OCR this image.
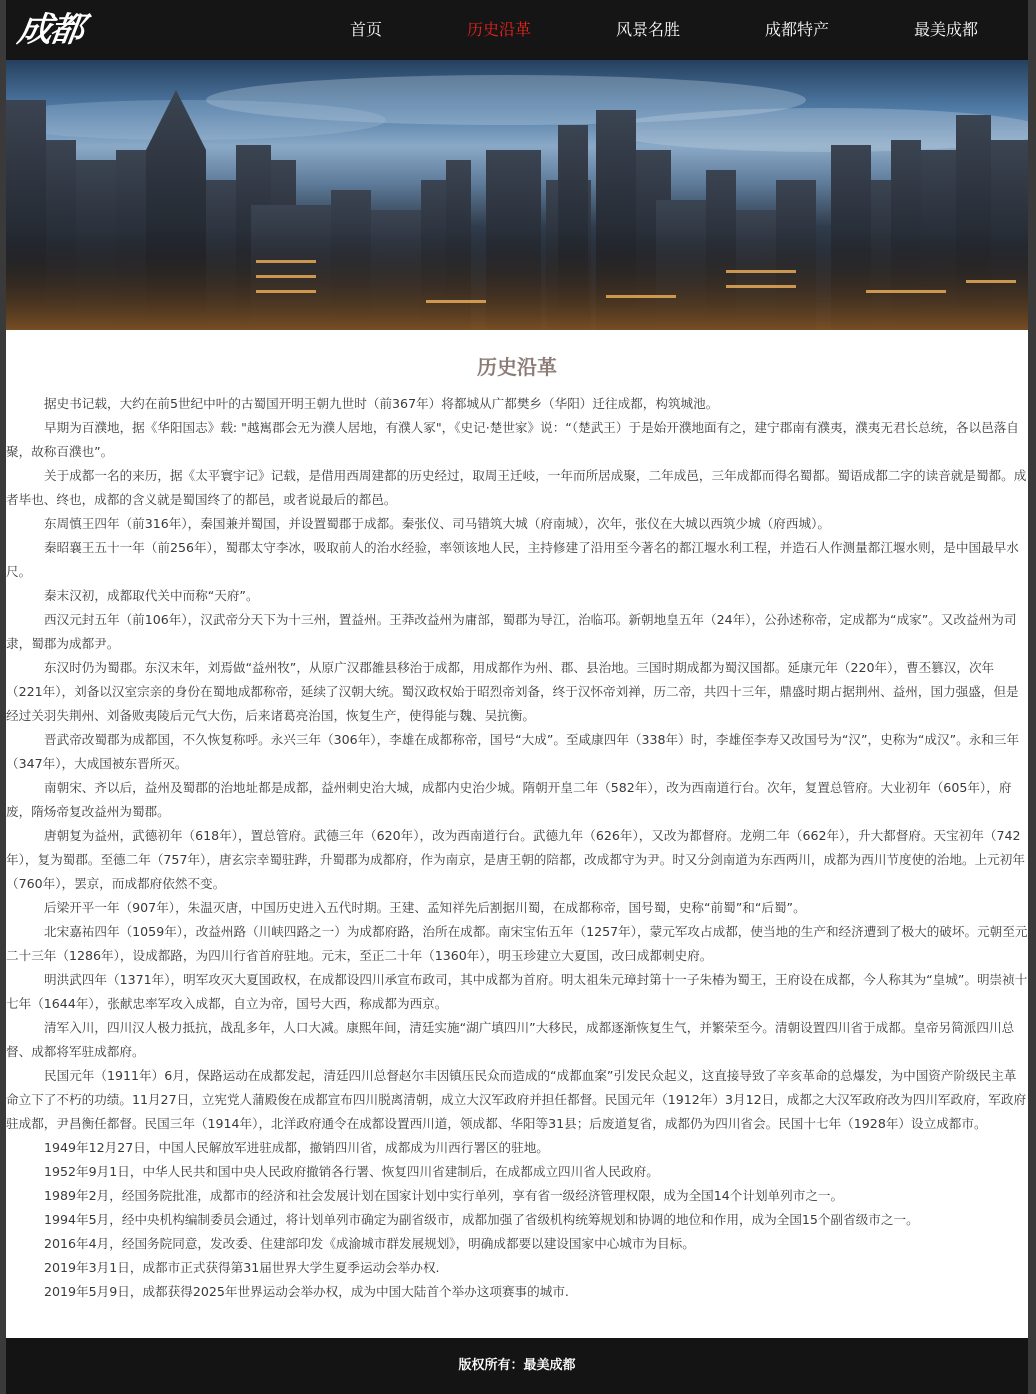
成都	首页	历史沿革	风景名胜	成都特产	最美成都
历史沿革

据史书记载，大约在前5世纪中叶的古蜀国开明王朝九世时（前367年）将都城从广都樊乡（华阳）迁往成都，构筑城池。

早期为百濮地，据《华阳国志》载: "越嶲郡会无为濮人居地，有濮人冢"，《史记·楚世家》说：“（楚武王）于是始开濮地面有之，建宁郡南有濮夷，濮夷无君长总统，各以邑落自聚，故称百濮也”。

关于成都一名的来历，据《太平寰宇记》记载，是借用西周建都的历史经过，取周王迁岐，一年而所居成聚，二年成邑，三年成都而得名蜀都。蜀语成都二字的读音就是蜀都。成者毕也、终也，成都的含义就是蜀国终了的都邑，或者说最后的都邑。

东周慎王四年（前316年），秦国兼并蜀国，并设置蜀郡于成都。秦张仪、司马错筑大城（府南城），次年，张仪在大城以西筑少城（府西城）。

秦昭襄王五十一年（前256年），蜀郡太守李冰，吸取前人的治水经验，率领该地人民，主持修建了沿用至今著名的都江堰水利工程，并造石人作测量都江堰水则，是中国最早水尺。

秦末汉初，成都取代关中而称“天府”。

西汉元封五年（前106年），汉武帝分天下为十三州，置益州。王莽改益州为庸部，蜀郡为导江，治临邛。新朝地皇五年（24年），公孙述称帝，定成都为“成家”。又改益州为司隶，蜀郡为成都尹。

东汉时仍为蜀郡。东汉末年，刘焉做“益州牧”，从原广汉郡雒县移治于成都，用成都作为州、郡、县治地。三国时期成都为蜀汉国都。延康元年（220年），曹丕篡汉，次年（221年），刘备以汉室宗亲的身份在蜀地成都称帝，延续了汉朝大统。蜀汉政权始于昭烈帝刘备，终于汉怀帝刘禅，历二帝，共四十三年，鼎盛时期占据荆州、益州，国力强盛，但是经过关羽失荆州、刘备败夷陵后元气大伤，后来诸葛亮治国，恢复生产，使得能与魏、吴抗衡。

晋武帝改蜀郡为成都国，不久恢复称呼。永兴三年（306年），李雄在成都称帝，国号“大成”。至咸康四年（338年）时，李雄侄李寿又改国号为“汉”，史称为“成汉”。永和三年（347年），大成国被东晋所灭。

南朝宋、齐以后，益州及蜀郡的治地址都是成都，益州刺史治大城，成都内史治少城。隋朝开皇二年（582年），改为西南道行台。次年，复置总管府。大业初年（605年），府废，隋炀帝复改益州为蜀郡。

唐朝复为益州，武德初年（618年），置总管府。武德三年（620年），改为西南道行台。武德九年（626年），又改为都督府。龙朔二年（662年），升大都督府。天宝初年（742年），复为蜀郡。至德二年（757年），唐玄宗幸蜀驻跸，升蜀郡为成都府，作为南京，是唐王朝的陪都，改成都守为尹。时又分剑南道为东西两川，成都为西川节度使的治地。上元初年（760年），罢京，而成都府依然不变。

后梁开平一年（907年），朱温灭唐，中国历史进入五代时期。王建、孟知祥先后割据川蜀，在成都称帝，国号蜀，史称“前蜀”和“后蜀”。

北宋嘉祐四年（1059年），改益州路（川峡四路之一）为成都府路，治所在成都。南宋宝佑五年（1257年），蒙元军攻占成都，使当地的生产和经济遭到了极大的破坏。元朝至元二十三年（1286年），设成都路，为四川行省首府驻地。元末，至正二十年（1360年），明玉珍建立大夏国，改曰成都刺史府。

明洪武四年（1371年），明军攻灭大夏国政权，在成都设四川承宣布政司，其中成都为首府。明太祖朱元璋封第十一子朱椿为蜀王，王府设在成都，今人称其为“皇城”。明崇祯十七年（1644年），张献忠率军攻入成都，自立为帝，国号大西，称成都为西京。

清军入川，四川汉人极力抵抗，战乱多年，人口大减。康熙年间，清廷实施“湖广填四川”大移民，成都逐渐恢复生气，并繁荣至今。清朝设置四川省于成都。皇帝另简派四川总督、成都将军驻成都府。

民国元年（1911年）6月，保路运动在成都发起，清廷四川总督赵尔丰因镇压民众而造成的“成都血案”引发民众起义，这直接导致了辛亥革命的总爆发，为中国资产阶级民主革命立下了不朽的功绩。11月27日，立宪党人蒲殿俊在成都宣布四川脱离清朝，成立大汉军政府并担任都督。民国元年（1912年）3月12日，成都之大汉军政府改为四川军政府，军政府驻成都，尹昌衡任都督。民国三年（1914年），北洋政府通令在成都设置西川道，领成都、华阳等31县；后废道复省，成都仍为四川省会。民国十七年（1928年）设立成都市。

1949年12月27日，中国人民解放军进驻成都，撤销四川省，成都成为川西行署区的驻地。

1952年9月1日，中华人民共和国中央人民政府撤销各行署、恢复四川省建制后，在成都成立四川省人民政府。

1989年2月，经国务院批准，成都市的经济和社会发展计划在国家计划中实行单列，享有省一级经济管理权限，成为全国14个计划单列市之一。

1994年5月，经中央机构编制委员会通过，将计划单列市确定为副省级市，成都加强了省级机构统筹规划和协调的地位和作用，成为全国15个副省级市之一。

2016年4月，经国务院同意，发改委、住建部印发《成渝城市群发展规划》，明确成都要以建设国家中心城市为目标。

2019年3月1日，成都市正式获得第31届世界大学生夏季运动会举办权.

2019年5月9日，成都获得2025年世界运动会举办权，成为中国大陆首个举办这项赛事的城市.

版权所有：最美成都
